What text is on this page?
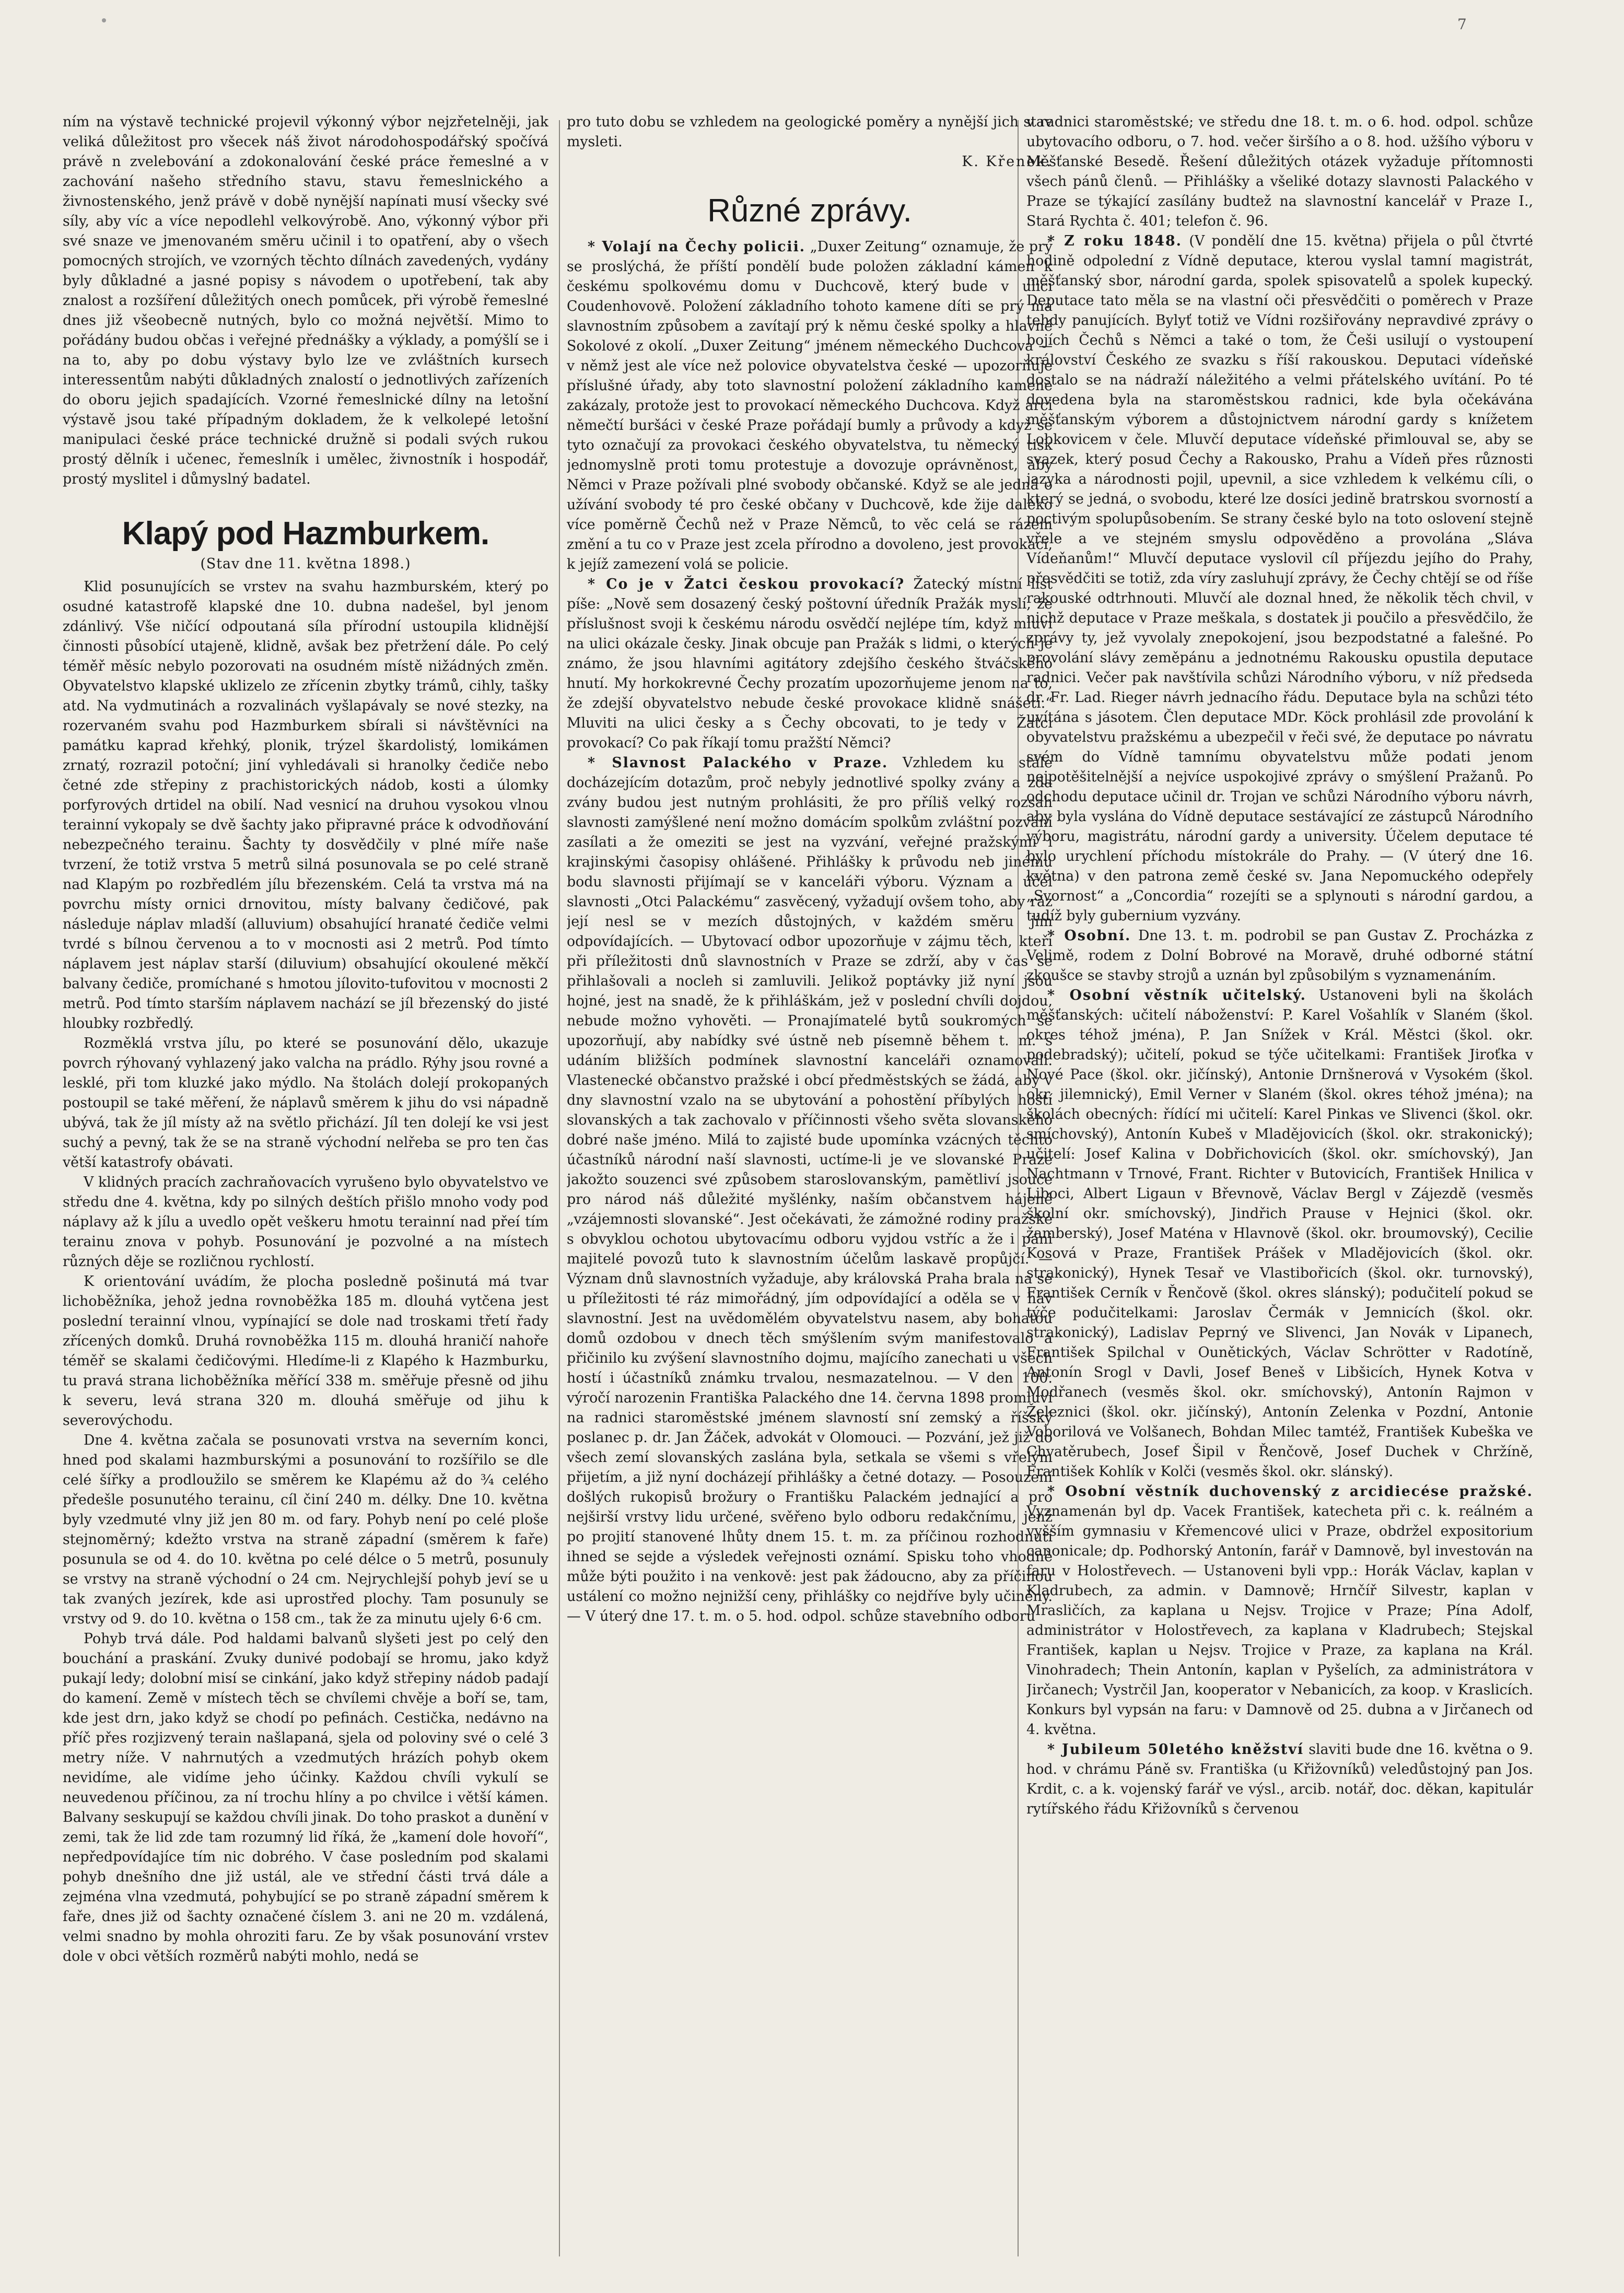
7

ním na výstavě technické projevil výkonný výbor nejzřetelněji, jak veliká důležitost pro všecek náš život národohospodářský spočívá právě n zvelebování a zdokonalování české práce řemeslné a v zachování našeho středního stavu, stavu řemeslnického a živnostenského, jenž právě v době nynější napínati musí všecky své síly, aby víc a více nepodlehl velkovýrobě. Ano, výkonný výbor při své snaze ve jmenovaném směru učinil i to opatření, aby o všech pomocných strojích, ve vzorných těchto dílnách zavedených, vydány byly důkladné a jasné popisy s návodem o upotřebení, tak aby znalost a rozšíření důležitých onech pomůcek, při výrobě řemeslné dnes již všeobecně nutných, bylo co možná největší. Mimo to pořádány budou občas i veřejné přednášky a výklady, a pomýšlí se i na to, aby po dobu výstavy bylo lze ve zvláštních kursech interessentům nabýti důkladných znalostí o jednotlivých zařízeních do oboru jejich spadajících. Vzorné řemeslnické dílny na letošní výstavě jsou také případným dokladem, že k velkolepé letošní manipulaci české práce technické družně si podali svých rukou prostý dělník i učenec, řemeslník i umělec, živnostník i hospodář, prostý myslitel i důmyslný badatel.

Klapý pod Hazmburkem.
(Stav dne 11. května 1898.)

Klid posunujících se vrstev na svahu hazmburském, který po osudné katastrofě klapské dne 10. dubna nadešel, byl jenom zdánlivý. Vše ničící odpoutaná síla přírodní ustoupila klidnější činnosti působící utajeně, klidně, avšak bez přetržení dále. Po celý téměř měsíc nebylo pozorovati na osudném místě nižádných změn. Obyvatelstvo klapské uklizelo ze zřícenin zbytky trámů, cihly, tašky atd. Na vydmutinách a rozvalinách vyšlapávaly se nové stezky, na rozervaném svahu pod Hazmburkem sbírali si návštěvníci na památku kaprad křehký, plonik, trýzel škardolistý, lomikámen zrnatý, rozrazil potoční; jiní vyhledávali si hranolky čediče nebo četné zde střepiny z prachistorických nádob, kosti a úlomky porfyrových drtidel na obilí. Nad vesnicí na druhou vysokou vlnou terainní vykopaly se dvě šachty jako připravné práce k odvodňování nebezpečného terainu. Šachty ty dosvědčily v plné míře naše tvrzení, že totiž vrstva 5 metrů silná posunovala se po celé straně nad Klapým po rozbředlém jílu březenském. Celá ta vrstva má na povrchu místy ornici drnovitou, místy balvany čedičové, pak následuje náplav mladší (alluvium) obsahující hranaté čediče velmi tvrdé s bílnou červenou a to v mocnosti asi 2 metrů. Pod tímto náplavem jest náplav starší (diluvium) obsahující okoulené měkčí balvany čediče, promíchané s hmotou jílovito-tufovitou v mocnosti 2 metrů. Pod tímto starším náplavem nachází se jíl březenský do jisté hloubky rozbředlý.

Rozměklá vrstva jílu, po které se posunování dělo, ukazuje povrch rýhovaný vyhlazený jako valcha na prádlo. Rýhy jsou rovné a lesklé, při tom kluzké jako mýdlo. Na štolách dolejí prokopaných postoupil se také měření, že náplavů směrem k jihu do vsi nápadně ubývá, tak že jíl místy až na světlo přichází. Jíl ten dolejí ke vsi jest suchý a pevný, tak že se na straně východní nelřeba se pro ten čas větší katastrofy obávati.

V klidných pracích zachraňovacích vyrušeno bylo obyvatelstvo ve středu dne 4. května, kdy po silných deštích přišlo mnoho vody pod náplavy až k jílu a uvedlo opět veškeru hmotu terainní nad přeí tím terainu znova v pohyb. Posunování je pozvolné a na místech různých děje se rozličnou rychlostí.

K orientování uvádím, že plocha posledně pošinutá má tvar lichoběžníka, jehož jedna rovnoběžka 185 m. dlouhá vytčena jest poslední terainní vlnou, vypínající se dole nad troskami třetí řady zřícených domků. Druhá rovnoběžka 115 m. dlouhá hraničí nahoře téměř se skalami čedičovými. Hledíme-li z Klapého k Hazmburku, tu pravá strana lichoběžníka měřící 338 m. směřuje přesně od jihu k severu, levá strana 320 m. dlouhá směřuje od jihu k severovýchodu.

Dne 4. května začala se posunovati vrstva na severním konci, hned pod skalami hazmburskými a posunování to rozšířilo se dle celé šířky a prodloužilo se směrem ke Klapému až do ¾ celého předešle posunutého terainu, cíl činí 240 m. délky. Dne 10. května byly vzedmuté vlny již jen 80 m. od fary. Pohyb není po celé ploše stejnoměrný; kdežto vrstva na straně západní (směrem k faře) posunula se od 4. do 10. května po celé délce o 5 metrů, posunuly se vrstvy na straně východní o 24 cm. Nejrychlejší pohyb jeví se u tak zvaných jezírek, kde asi uprostřed plochy. Tam posunuly se vrstvy od 9. do 10. května o 158 cm., tak že za minutu ujely 6·6 cm.

Pohyb trvá dále. Pod haldami balvanů slyšeti jest po celý den bouchání a praskání. Zvuky dunivé podobají se hromu, jako když pukají ledy; dolobní misí se cinkání, jako když střepiny nádob padají do kamení. Země v místech těch se chvílemi chvěje a boří se, tam, kde jest drn, jako když se chodí po pefinách. Cestička, nedávno na příč přes rozjizvený terain našlapaná, sjela od poloviny své o celé 3 metry níže. V nahrnutých a vzedmutých hrázích pohyb okem nevidíme, ale vidíme jeho účinky. Každou chvíli vykulí se neuvedenou příčinou, za ní trochu hlíny a po chvilce i větší kámen. Balvany seskupují se každou chvíli jinak. Do toho praskot a dunění v zemi, tak že lid zde tam rozumný lid říká, že „kamení dole hovoří“, nepředpovídajíce tím nic dobrého. V čase posledním pod skalami pohyb dnešního dne již ustál, ale ve střední části trvá dále a zejména vlna vzedmutá, pohybující se po straně západní směrem k faře, dnes již od šachty označené číslem 3. ani ne 20 m. vzdálená, velmi snadno by mohla ohroziti faru. Ze by však posunování vrstev dole v obci větších rozměrů nabýti mohlo, nedá se

pro tuto dobu se vzhledem na geologické poměry a nynější jich stav mysleti.

K. Křenek.
Různé zprávy.

* Volají na Čechy policii. „Duxer Zeitung“ oznamuje, že prý se proslýchá, že příští pondělí bude položen základní kámen k českému spolkovému domu v Duchcově, který bude v ulici Coudenhovově. Položení základního tohoto kamene díti se prý má slavnostním způsobem a zavítají prý k němu české spolky a hlavně Sokolové z okolí. „Duxer Zeitung“ jménem německého Duchcova — v němž jest ale více než polovice obyvatelstva české — upozorňuje příslušné úřady, aby toto slavnostní položení základního kamene zakázaly, protože jest to provokací německého Duchcova. Když arci němečtí buršáci v české Praze pořádají bumly a průvody a když se tyto označují za provokaci českého obyvatelstva, tu německý tisk jednomyslně proti tomu protestuje a dovozuje oprávněnost, aby Němci v Praze požívali plné svobody občanské. Když se ale jedná o užívání svobody té pro české občany v Duchcově, kde žije daleko více poměrně Čechů než v Praze Němců, to věc celá se rázem změní a tu co v Praze jest zcela přírodno a dovoleno, jest provokací, k jejíž zamezení volá se policie.

* Co je v Žatci českou provokací? Žatecký místní list píše: „Nově sem dosazený český poštovní úředník Pražák myslí, že příslušnost svoji k českému národu osvědčí nejlépe tím, když mluví na ulici okázale česky. Jinak obcuje pan Pražák s lidmi, o kterých je známo, že jsou hlavními agitátory zdejšího českého štváčského hnutí. My horkokrevné Čechy prozatím upozorňujeme jenom na to, že zdejší obyvatelstvo nebude české provokace klidně snášeti.“ Mluviti na ulici česky a s Čechy obcovati, to je tedy v Žatci provokací? Co pak říkají tomu pražští Němci?

* Slavnost Palackého v Praze. Vzhledem ku stále docházejícím dotazům, proč nebyly jednotlivé spolky zvány a zda zvány budou jest nutným prohlásiti, že pro příliš velký rozsah slavnosti zamýšlené není možno domácím spolkům zvláštní pozvání zasílati a že omeziti se jest na vyzvání, veřejné pražskými i krajinskými časopisy ohlášené. Přihlášky k průvodu neb jinému bodu slavnosti přijímají se v kanceláři výboru. Význam a účel slavnosti „Otci Palackému“ zasvěcený, vyžadují ovšem toho, aby ráz její nesl se v mezích důstojných, v každém směru jím odpovídajících. — Ubytovací odbor upozorňuje v zájmu těch, kteří při příležitosti dnů slavnostních v Praze se zdrží, aby v čas se přihlašovali a nocleh si zamluvili. Jelikož poptávky již nyní jsou hojné, jest na snadě, že k přihláškám, jež v poslední chvíli dojdou, nebude možno vyhověti. — Pronajímatelé bytů soukromých se upozorňují, aby nabídky své ústně neb písemně během t. m. s udáním bližších podmínek slavnostní kanceláři oznamovali. Vlastenecké občanstvo pražské i obcí předměstských se žádá, aby v dny slavnostní vzalo na se ubytování a pohostění příbylých hostí slovanských a tak zachovalo v příčinnosti všeho světa slovanského dobré naše jméno. Milá to zajisté bude upomínka vzácných těchto účastníků národní naší slavnosti, uctíme-li je ve slovanské Praze jakožto souzenci své způsobem staroslovanským, pamětliví jsouce pro národ náš důležité myšlénky, naším občanstvem hájené „vzájemnosti slovanské“. Jest očekávati, že zámožné rodiny pražské s obvyklou ochotou ubytovacímu odboru vyjdou vstříc a že i páni majitelé povozů tuto k slavnostním účelům laskavě propůjčí. — Význam dnů slavnostních vyžaduje, aby královská Praha brala na se u příležitosti té ráz mimořádný, jím odpovídající a oděla se v háv slavnostní. Jest na uvědomělém obyvatelstvu nasem, aby bohatou domů ozdobou v dnech těch smýšlením svým manifestovalo a přičinilo ku zvýšení slavnostního dojmu, majícího zanechati u všech hostí i účastníků známku trvalou, nesmazatelnou. — V den 100. výročí narozenin Františka Palackého dne 14. června 1898 promluví na radnici staroměstské jménem slavností sní zemský a říšský poslanec p. dr. Jan Žáček, advokát v Olomouci. — Pozvání, jež již do všech zemí slovanských zaslána byla, setkala se všemi s vřelým přijetím, a již nyní docházejí přihlášky a četné dotazy. — Posouzení došlých rukopisů brožury o Františku Palackém jednající a pro nejširší vrstvy lidu určené, svěřeno bylo odboru redakčnímu, jenž po projití stanovené lhůty dnem 15. t. m. za příčinou rozhodnutí ihned se sejde a výsledek veřejnosti oznámí. Spisku toho vhodně může býti použito i na venkově: jest pak žádoucno, aby za příčinou ustálení co možno nejnižší ceny, přihlášky co nejdříve byly učiněny. — V úterý dne 17. t. m. o 5. hod. odpol. schůze stavebního odboru

v radnici staroměstské; ve středu dne 18. t. m. o 6. hod. odpol. schůze ubytovacího odboru, o 7. hod. večer širšího a o 8. hod. užšího výboru v Měšťanské Besedě. Řešení důležitých otázek vyžaduje přítomnosti všech pánů členů. — Přihlášky a všeliké dotazy slavnosti Palackého v Praze se týkající zasílány budtež na slavnostní kancelář v Praze I., Stará Rychta č. 401; telefon č. 96.

* Z roku 1848. (V pondělí dne 15. května) přijela o půl čtvrté hodině odpolední z Vídně deputace, kterou vyslal tamní magistrát, měšťanský sbor, národní garda, spolek spisovatelů a spolek kupecký. Deputace tato měla se na vlastní oči přesvědčiti o poměrech v Praze tehdy panujících. Bylyť totiž ve Vídni rozšiřovány nepravdivé zprávy o bojích Čechů s Němci a také o tom, že Češi usilují o vystoupení království Českého ze svazku s říší rakouskou. Deputaci vídeňské dostalo se na nádraží náležitého a velmi přátelského uvítání. Po té dovedena byla na staroměstskou radnici, kde byla očekávána měšťanským výborem a důstojnictvem národní gardy s knížetem Lobkovicem v čele. Mluvčí deputace vídeňské přimlouval se, aby se svazek, který posud Čechy a Rakousko, Prahu a Vídeň přes různosti jazyka a národnosti pojil, upevnil, a sice vzhledem k velkému cíli, o který se jedná, o svobodu, které lze dosíci jedině bratrskou svorností a poctivým spolupůsobením. Se strany české bylo na toto oslovení stejně vřele a ve stejném smyslu odpověděno a provolána „Sláva Vídeňanům!“ Mluvčí deputace vyslovil cíl příjezdu jejího do Prahy, přesvědčiti se totiž, zda víry zasluhují zprávy, že Čechy chtějí se od říše rakouské odtrhnouti. Mluvčí ale doznal hned, že několik těch chvil, v nichž deputace v Praze meškala, s dostatek ji poučilo a přesvědčilo, že zprávy ty, jež vyvolaly znepokojení, jsou bezpodstatné a falešné. Po provolání slávy zeměpánu a jednotnému Rakousku opustila deputace radnici. Večer pak navštívila schůzi Národního výboru, v níž předseda dr. Fr. Lad. Rieger návrh jednacího řádu. Deputace byla na schůzi této uvítána s jásotem. Člen deputace MDr. Köck prohlásil zde provolání k obyvatelstvu pražskému a ubezpečil v řeči své, že deputace po návratu svém do Vídně tamnímu obyvatelstvu může podati jenom nejpotěšitelnější a nejvíce uspokojivé zprávy o smýšlení Pražanů. Po odchodu deputace učinil dr. Trojan ve schůzi Národního výboru návrh, aby byla vyslána do Vídně deputace sestávající ze zástupců Národního výboru, magistrátu, národní gardy a university. Účelem deputace té bylo urychlení příchodu místokrále do Prahy. — (V úterý dne 16. května) v den patrona země české sv. Jana Nepomuckého odepřely „Svornost“ a „Concordia“ rozejíti se a splynouti s národní gardou, a tudíž byly gubernium vyzvány.

* Osobní. Dne 13. t. m. podrobil se pan Gustav Z. Procházka z Velimě, rodem z Dolní Bobrové na Moravě, druhé odborné státní zkoušce se stavby strojů a uznán byl způsobilým s vyznamenáním.

* Osobní věstník učitelský. Ustanoveni byli na školách měšťanských: učitelí náboženství: P. Karel Vošahlík v Slaném (škol. okres téhož jména), P. Jan Snížek v Král. Městci (škol. okr. podebradský); učitelí, pokud se týče učitelkami: František Jiroťka v Nové Pace (škol. okr. jičínský), Antonie Drnšnerová v Vysokém (škol. okr. jilemnický), Emil Verner v Slaném (škol. okres téhož jména); na školách obecných: řídící mi učitelí: Karel Pinkas ve Slivenci (škol. okr. smíchovský), Antonín Kubeš v Mladějovicích (škol. okr. strakonický); učitelí: Josef Kalina v Dobřichovicích (škol. okr. smíchovský), Jan Nachtmann v Trnové, Frant. Richter v Butovicích, František Hnilica v Liboci, Albert Ligaun v Břevnově, Václav Bergl v Zájezdě (vesměs školní okr. smíchovský), Jindřich Prause v Hejnici (škol. okr. žamberský), Josef Maténa v Hlavnově (škol. okr. broumovský), Cecilie Kosová v Praze, František Prášek v Mladějovicích (škol. okr. strakonický), Hynek Tesař ve Vlastibořicích (škol. okr. turnovský), František Cerník v Řenčově (škol. okres slánský); podučitelí pokud se týče podučitelkami: Jaroslav Čermák v Jemnicích (škol. okr. strakonický), Ladislav Peprný ve Slivenci, Jan Novák v Lipanech, František Spilchal v Ounětických, Václav Schrötter v Radotíně, Antonín Srogl v Davli, Josef Beneš v Libšicích, Hynek Kotva v Modřanech (vesměs škol. okr. smíchovský), Antonín Rajmon v Železnici (škol. okr. jičínský), Antonín Zelenka v Pozdní, Antonie Voborilová ve Volšanech, Bohdan Milec tamtéž, František Kubeška ve Chvatěrubech, Josef Šipil v Řenčově, Josef Duchek v Chržíně, František Kohlík v Kolči (vesměs škol. okr. slánský).

* Osobní věstník duchovenský z arcidiecése pražské. Vyznamenán byl dp. Vacek František, katecheta při c. k. reálném a vyšším gymnasiu v Křemencové ulici v Praze, obdržel expositorium canonicale; dp. Podhorský Antonín, farář v Damnově, byl investován na faru v Holostřevech. — Ustanoveni byli vpp.: Horák Václav, kaplan v Kladrubech, za admin. v Damnově; Hrnčíř Silvestr, kaplan v Mrasličích, za kaplana u Nejsv. Trojice v Praze; Pína Adolf, administrátor v Holostřevech, za kaplana v Kladrubech; Stejskal František, kaplan u Nejsv. Trojice v Praze, za kaplana na Král. Vinohradech; Thein Antonín, kaplan v Pyšelích, za administrátora v Jirčanech; Vystrčil Jan, kooperator v Nebanicích, za koop. v Kraslicích. Konkurs byl vypsán na faru: v Damnově od 25. dubna a v Jirčanech od 4. května.

* Jubileum 50letého kněžství slaviti bude dne 16. května o 9. hod. v chrámu Páně sv. Františka (u Křižovníků) veledůstojný pan Jos. Krdit, c. a k. vojenský farář ve výsl., arcib. notář, doc. děkan, kapitulár rytířského řádu Křižovníků s červenou
